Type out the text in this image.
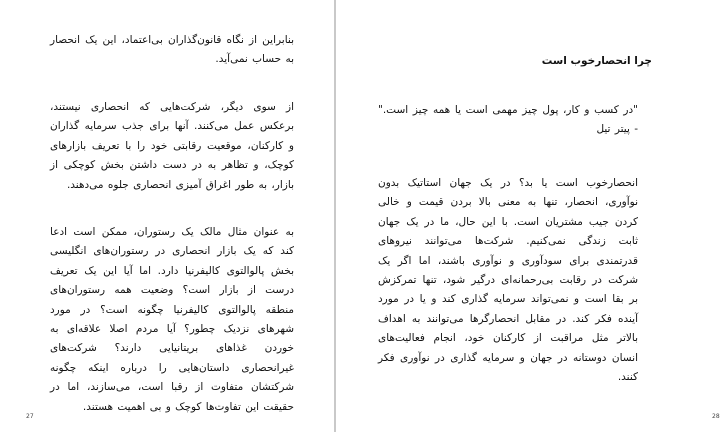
بنابراین از نگاه قانون‌گذاران بی‌اعتماد، این یک انحصار به حساب نمی‌آید.

از سوی دیگر، شرکت‌هایی که انحصاری نیستند، برعکس عمل می‌کنند. آنها برای جذب سرمایه گذاران و کارکنان، موقعیت رقابتی خود را با تعریف بازارهای کوچک، و تظاهر به در دست داشتن بخش کوچکی از بازار، به طور اغراق آمیزی انحصاری جلوه می‌دهند.

به عنوان مثال مالک یک رستوران، ممکن است ادعا کند که یک بازار انحصاری در رستوران‌های انگلیسی بخش پالوالتوی کالیفرنیا دارد. اما آیا این یک تعریف درست از بازار است؟ وضعیت همه رستوران‌های منطقه پالوالتوی کالیفرنیا چگونه است؟ در مورد شهرهای نزدیک چطور؟ آیا مردم اصلا علاقه‌ای به خوردن غذاهای بریتانیایی دارند؟ شرکت‌های غیرانحصاری داستان‌هایی را درباره اینکه چگونه شرکتشان متفاوت از رقبا است، می‌سازند، اما در حقیقت این تفاوت‌ها کوچک و بی اهمیت هستند.

27
چرا انحصارخوب است

"در کسب و کار، پول چیز مهمی است یا همه چیز است." - پیتر تیل

انحصارخوب است یا بد؟ در یک جهان استاتیک بدون نوآوری، انحصار، تنها به معنی بالا بردن قیمت و خالی کردن جیب مشتریان است. با این حال، ما در یک جهان ثابت زندگی نمی‌کنیم. شرکت‌ها می‌توانند نیروهای قدرتمندی برای سودآوری و نوآوری باشند، اما اگر یک شرکت در رقابت بی‌رحمانه‌ای درگیر شود، تنها تمرکزش بر بقا است و نمی‌تواند سرمایه گذاری کند و یا در مورد آینده فکر کند. در مقابل انحصارگرها می‌توانند به اهداف بالاتر مثل مراقبت از کارکنان خود، انجام فعالیت‌های انسان دوستانه در جهان و سرمایه گذاری در نوآوری فکر کنند.

28
